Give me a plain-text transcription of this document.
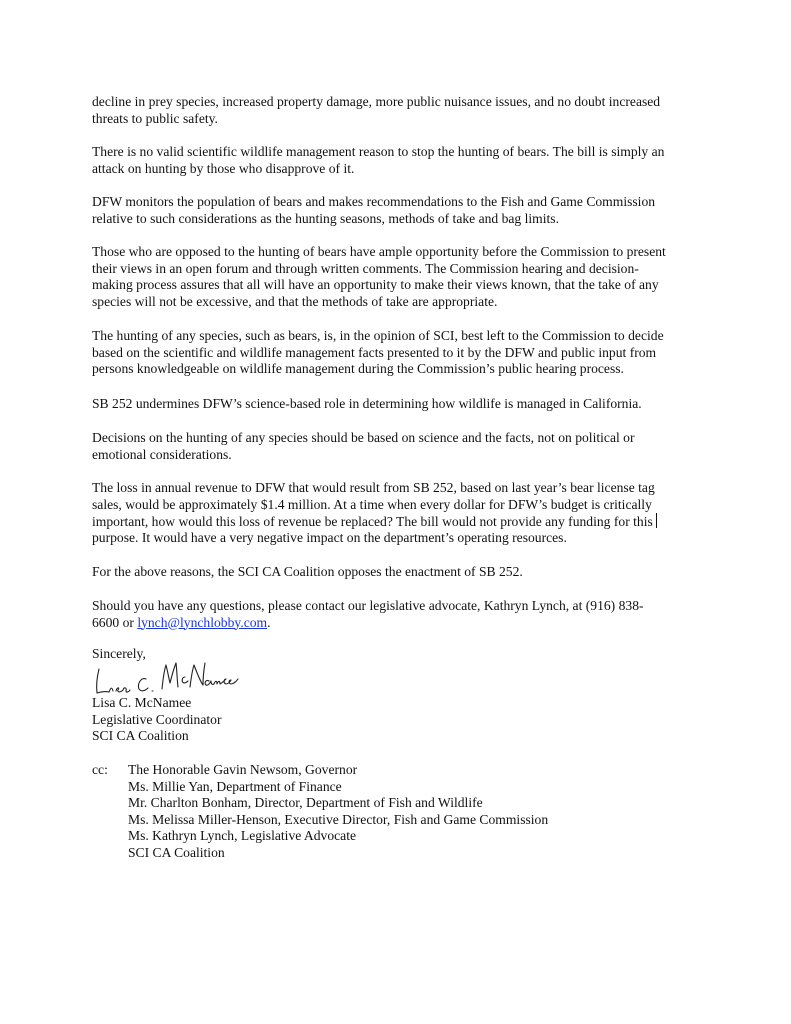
decline in prey species, increased property damage, more public nuisance issues, and no doubt increased
threats to public safety.

There is no valid scientific wildlife management reason to stop the hunting of bears. The bill is simply an
attack on hunting by those who disapprove of it.

DFW monitors the population of bears and makes recommendations to the Fish and Game Commission
relative to such considerations as the hunting seasons, methods of take and bag limits.

Those who are opposed to the hunting of bears have ample opportunity before the Commission to present
their views in an open forum and through written comments. The Commission hearing and decision-
making process assures that all will have an opportunity to make their views known, that the take of any
species will not be excessive, and that the methods of take are appropriate.

The hunting of any species, such as bears, is, in the opinion of SCI, best left to the Commission to decide
based on the scientific and wildlife management facts presented to it by the DFW and public input from
persons knowledgeable on wildlife management during the Commission’s public hearing process.

SB 252 undermines DFW’s science-based role in determining how wildlife is managed in California.

Decisions on the hunting of any species should be based on science and the facts, not on political or
emotional considerations.

The loss in annual revenue to DFW that would result from SB 252, based on last year’s bear license tag
sales, would be approximately $1.4 million. At a time when every dollar for DFW’s budget is critically
important, how would this loss of revenue be replaced? The bill would not provide any funding for this
purpose. It would have a very negative impact on the department’s operating resources.

For the above reasons, the SCI CA Coalition opposes the enactment of SB 252.

Should you have any questions, please contact our legislative advocate, Kathryn Lynch, at (916) 838-
6600 or lynch@lynchlobby.com.
Sincerely,
Lisa C. McNamee
Legislative Coordinator
SCI CA Coalition
cc: The Honorable Gavin Newsom, Governor
Ms. Millie Yan, Department of Finance
Mr. Charlton Bonham, Director, Department of Fish and Wildlife
Ms. Melissa Miller-Henson, Executive Director, Fish and Game Commission
Ms. Kathryn Lynch, Legislative Advocate
SCI CA Coalition
